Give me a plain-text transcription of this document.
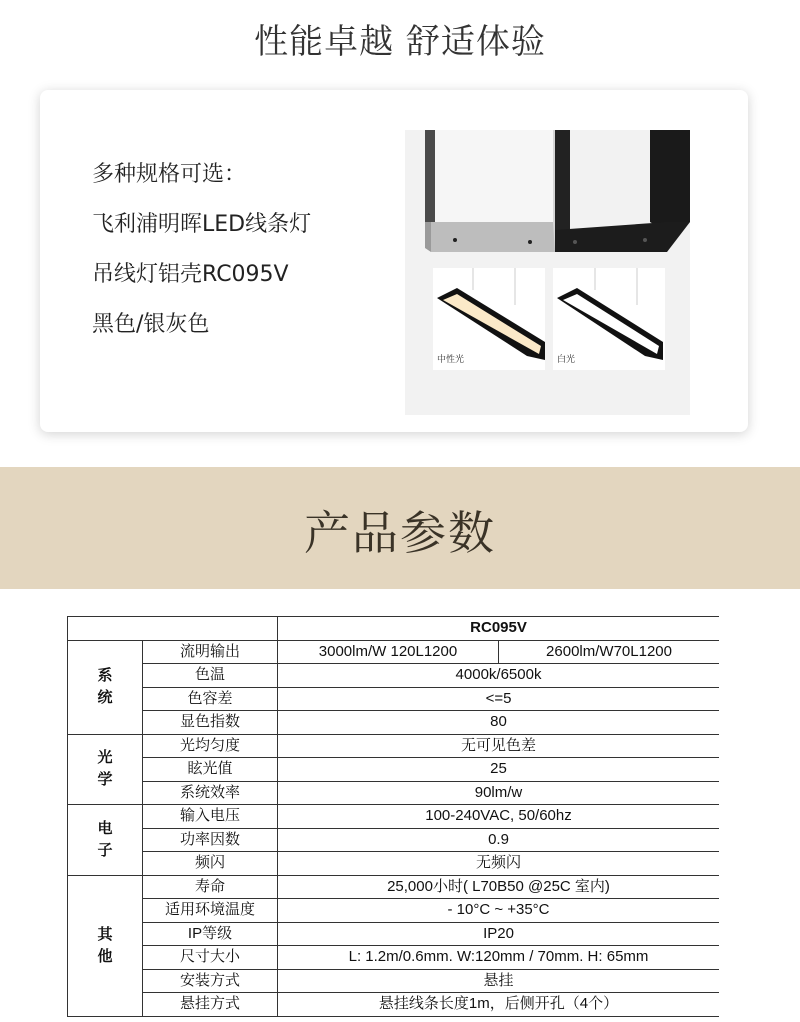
性能卓越 舒适体验
多种规格可选：
飞利浦明晖LED线条灯
吊线灯铝壳RC095V
黑色/银灰色
中性光	白光
产品参数
		RC095V	

系统	流明输出	3000lm/W 120L1200	2600lm/W70L1200
	色温	4000k/6500k	
	色容差	<=5	
	显色指数	80	

光学	光均匀度	无可见色差	
	眩光值	25	
	系统效率	90lm/w	

电子	输入电压	100-240VAC, 50/60hz	
	功率因数	0.9	
	频闪	无频闪	

其他	寿命	25,000小时( L70B50 @25C 室内)	
	适用环境温度	- 10°C ~ +35°C	
	IP等级	IP20	
	尺寸大小	L: 1.2m/0.6mm. W:120mm / 70mm. H: 65mm	
	安装方式	悬挂	
	悬挂方式	悬挂线条长度1m，后侧开孔（4个）	
